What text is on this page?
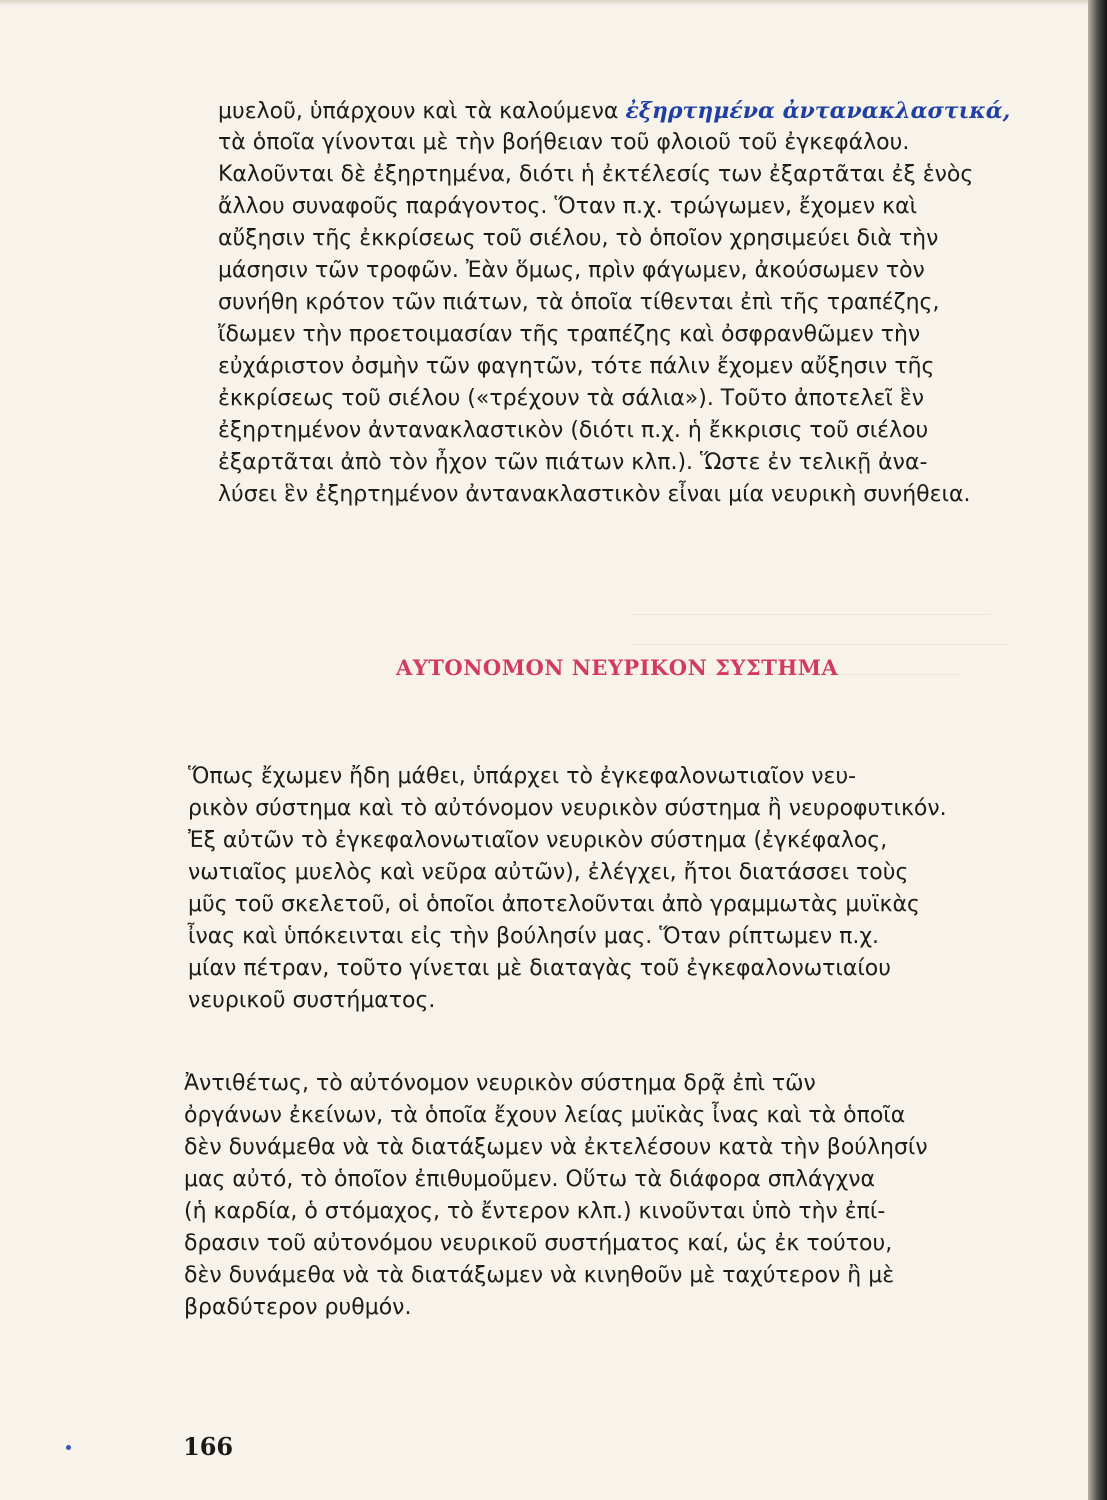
μυελοῦ, ὑπάρχουν καὶ τὰ καλούμενα ἐξηρτημένα ἀντανακλαστικά,
τὰ ὁποῖα γίνονται μὲ τὴν βοήθειαν τοῦ φλοιοῦ τοῦ ἐγκεφάλου.
Καλοῦνται δὲ ἐξηρτημένα, διότι ἡ ἐκτέλεσίς των ἐξαρτᾶται ἐξ ἑνὸς
ἄλλου συναφοῦς παράγοντος. Ὅταν π.χ. τρώγωμεν, ἔχομεν καὶ
αὔξησιν τῆς ἐκκρίσεως τοῦ σιέλου, τὸ ὁποῖον χρησιμεύει διὰ τὴν
μάσησιν τῶν τροφῶν. Ἐὰν ὅμως, πρὶν φάγωμεν, ἀκούσωμεν τὸν
συνήθη κρότον τῶν πιάτων, τὰ ὁποῖα τίθενται ἐπὶ τῆς τραπέζης,
ἴδωμεν τὴν προετοιμασίαν τῆς τραπέζης καὶ ὀσφρανθῶμεν τὴν
εὐχάριστον ὀσμὴν τῶν φαγητῶν, τότε πάλιν ἔχομεν αὔξησιν τῆς
ἐκκρίσεως τοῦ σιέλου («τρέχουν τὰ σάλια»). Τοῦτο ἀποτελεῖ ἓν
ἐξηρτημένον ἀντανακλαστικὸν (διότι π.χ. ἡ ἔκκρισις τοῦ σιέλου
ἐξαρτᾶται ἀπὸ τὸν ἦχον τῶν πιάτων κλπ.). Ὥστε ἐν τελικῇ ἀνα-
λύσει ἓν ἐξηρτημένον ἀντανακλαστικὸν εἶναι μία νευρικὴ συνήθεια.

ΑΥΤΟΝΟΜΟΝ ΝΕΥΡΙΚΟΝ ΣΥΣΤΗΜΑ

Ὅπως ἔχωμεν ἤδη μάθει, ὑπάρχει τὸ ἐγκεφαλονωτιαῖον νευ-
ρικὸν σύστημα καὶ τὸ αὐτόνομον νευρικὸν σύστημα ἢ νευροφυτικόν.
Ἐξ αὐτῶν τὸ ἐγκεφαλονωτιαῖον νευρικὸν σύστημα (ἐγκέφαλος,
νωτιαῖος μυελὸς καὶ νεῦρα αὐτῶν), ἐλέγχει, ἤτοι διατάσσει τοὺς
μῦς τοῦ σκελετοῦ, οἱ ὁποῖοι ἀποτελοῦνται ἀπὸ γραμμωτὰς μυϊκὰς
ἶνας καὶ ὑπόκεινται εἰς τὴν βούλησίν μας. Ὅταν ρίπτωμεν π.χ.
μίαν πέτραν, τοῦτο γίνεται μὲ διαταγὰς τοῦ ἐγκεφαλονωτιαίου
νευρικοῦ συστήματος.

Ἀντιθέτως, τὸ αὐτόνομον νευρικὸν σύστημα δρᾷ ἐπὶ τῶν
ὀργάνων ἐκείνων, τὰ ὁποῖα ἔχουν λείας μυϊκὰς ἶνας καὶ τὰ ὁποῖα
δὲν δυνάμεθα νὰ τὰ διατάξωμεν νὰ ἐκτελέσουν κατὰ τὴν βούλησίν
μας αὐτό, τὸ ὁποῖον ἐπιθυμοῦμεν. Οὕτω τὰ διάφορα σπλάγχνα
(ἡ καρδία, ὁ στόμαχος, τὸ ἔντερον κλπ.) κινοῦνται ὑπὸ τὴν ἐπί-
δρασιν τοῦ αὐτονόμου νευρικοῦ συστήματος καί, ὡς ἐκ τούτου,
δὲν δυνάμεθα νὰ τὰ διατάξωμεν νὰ κινηθοῦν μὲ ταχύτερον ἢ μὲ
βραδύτερον ρυθμόν.

166
